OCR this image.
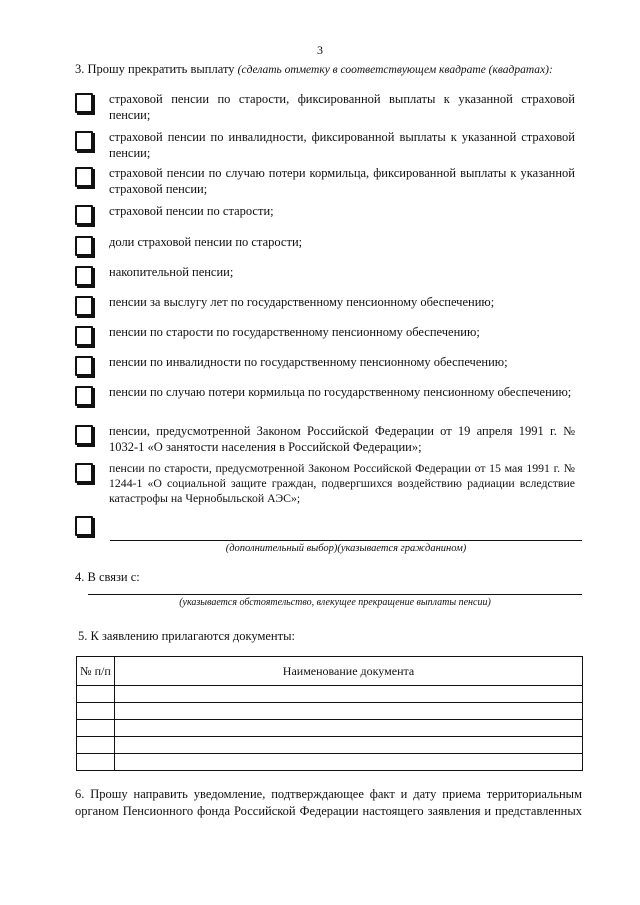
3
3. Прошу прекратить выплату (сделать отметку в соответствующем квадрате (квадратах):
страховой пенсии по старости, фиксированной выплаты к указанной страховой пенсии;
страховой пенсии по инвалидности, фиксированной выплаты к указанной страховой пенсии;
страховой пенсии по случаю потери кормильца, фиксированной выплаты к указанной страховой пенсии;
страховой пенсии по старости;
доли страховой пенсии по старости;
накопительной пенсии;
пенсии за выслугу лет по государственному пенсионному обеспечению;
пенсии по старости по государственному пенсионному обеспечению;
пенсии по инвалидности по государственному пенсионному обеспечению;
пенсии по случаю потери кормильца по государственному пенсионному обеспечению;
пенсии, предусмотренной Законом Российской Федерации от 19 апреля 1991 г. № 1032-1 «О занятости населения в Российской Федерации»;
пенсии по старости, предусмотренной Законом Российской Федерации от 15 мая 1991 г. № 1244-1 «О социальной защите граждан, подвергшихся воздействию радиации вследствие катастрофы на Чернобыльской АЭС»;
(дополнительный выбор)(указывается гражданином)
4. В связи с:
(указывается обстоятельство, влекущее прекращение выплаты пенсии)
5. К заявлению прилагаются документы:
№ п/п	Наименование документа

6. Прошу направить уведомление, подтверждающее факт и дату приема территориальным органом Пенсионного фонда Российской Федерации настоящего заявления и представленных
